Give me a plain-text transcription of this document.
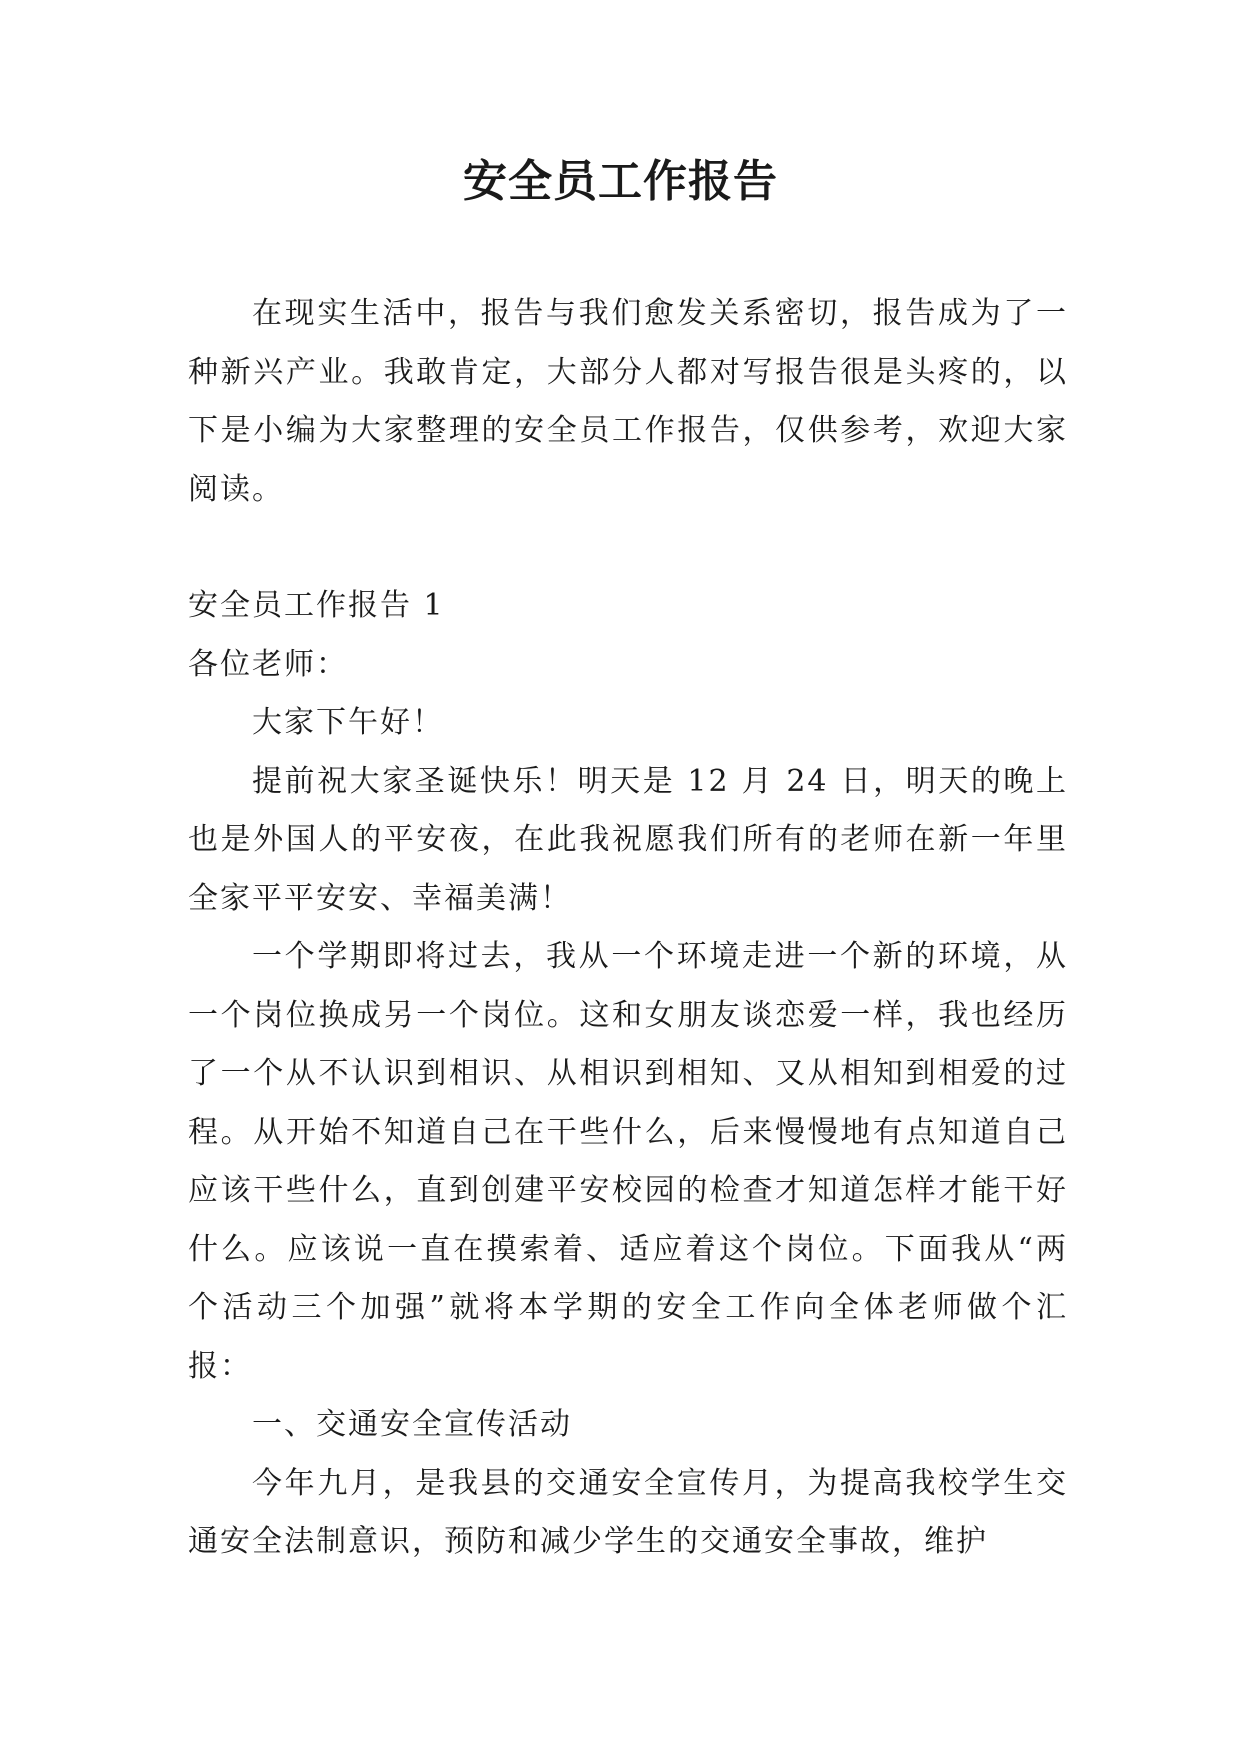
安全员工作报告

在现实生活中，报告与我们愈发关系密切，报告成为了一种新兴产业。我敢肯定，大部分人都对写报告很是头疼的，以下是小编为大家整理的安全员工作报告，仅供参考，欢迎大家阅读。

安全员工作报告 1

各位老师：

大家下午好！

提前祝大家圣诞快乐！明天是 12 月 24 日，明天的晚上也是外国人的平安夜，在此我祝愿我们所有的老师在新一年里全家平平安安、幸福美满！

一个学期即将过去，我从一个环境走进一个新的环境，从一个岗位换成另一个岗位。这和女朋友谈恋爱一样，我也经历了一个从不认识到相识、从相识到相知、又从相知到相爱的过程。从开始不知道自己在干些什么，后来慢慢地有点知道自己应该干些什么，直到创建平安校园的检查才知道怎样才能干好什么。应该说一直在摸索着、适应着这个岗位。下面我从“两个活动三个加强”就将本学期的安全工作向全体老师做个汇报：

一、交通安全宣传活动

今年九月，是我县的交通安全宣传月，为提高我校学生交通安全法制意识，预防和减少学生的交通安全事故，维护
